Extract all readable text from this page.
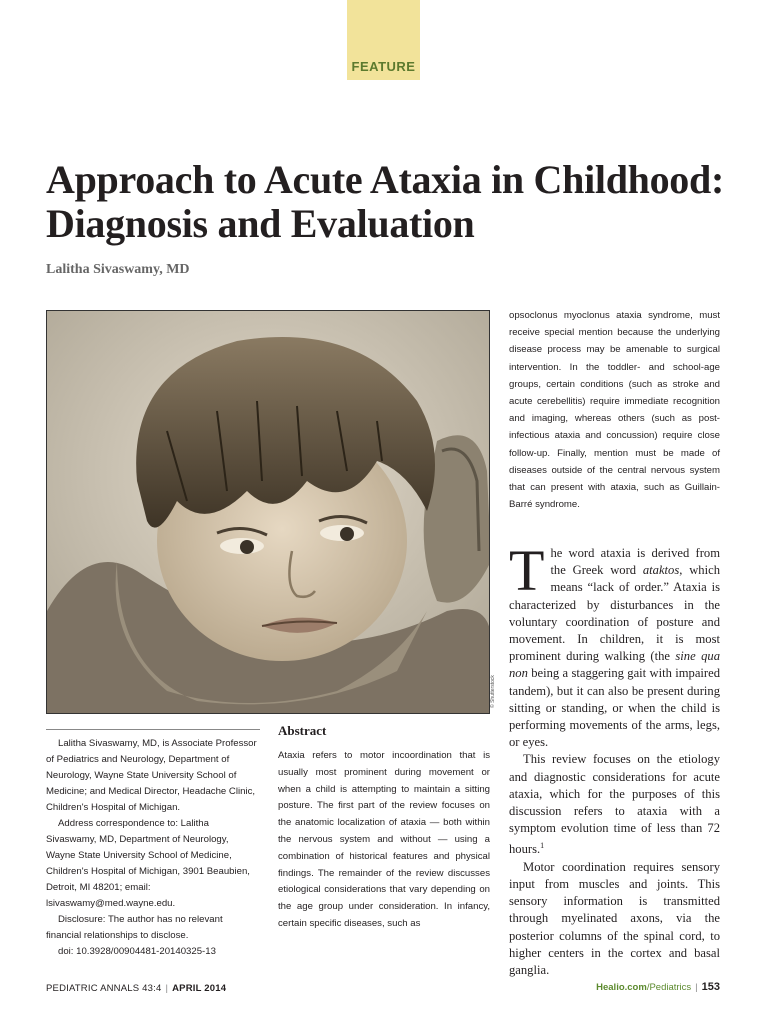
FEATURE
Approach to Acute Ataxia in Childhood: Diagnosis and Evaluation
Lalitha Sivaswamy, MD
© Shutterstock

Lalitha Sivaswamy, MD, is Associate Professor of Pediatrics and Neurology, Department of Neurology, Wayne State University School of Medicine; and Medical Director, Headache Clinic, Children's Hospital of Michigan.

Address correspondence to: Lalitha Sivaswamy, MD, Department of Neurology, Wayne State University School of Medicine, Children's Hospital of Michigan, 3901 Beaubien, Detroit, MI 48201; email: lsivaswamy@med.wayne.edu.

Disclosure: The author has no relevant financial relationships to disclose.

doi: 10.3928/00904481-20140325-13

Abstract

Ataxia refers to motor incoordination that is usually most prominent during movement or when a child is attempting to maintain a sitting posture. The first part of the review focuses on the anatomic localization of ataxia — both within the nervous system and without — using a combination of historical features and physical findings. The remainder of the review discusses etiological considerations that vary depending on the age group under consideration. In infancy, certain specific diseases, such as

opsoclonus myoclonus ataxia syndrome, must receive special mention because the underlying disease process may be amenable to surgical intervention. In the toddler- and school-age groups, certain conditions (such as stroke and acute cerebellitis) require immediate recognition and imaging, whereas others (such as post-infectious ataxia and concussion) require close follow-up. Finally, mention must be made of diseases outside of the central nervous system that can present with ataxia, such as Guillain-Barré syndrome.

The word ataxia is derived from the Greek word ataktos, which means “lack of order.” Ataxia is characterized by disturbances in the voluntary coordination of posture and movement. In children, it is most prominent during walking (the sine qua non being a staggering gait with impaired tandem), but it can also be present during sitting or standing, or when the child is performing movements of the arms, legs, or eyes.

This review focuses on the etiology and diagnostic considerations for acute ataxia, which for the purposes of this discussion refers to ataxia with a symptom evolution time of less than 72 hours.$^1$

Motor coordination requires sensory input from muscles and joints. This sensory information is transmitted through myelinated axons, via the posterior columns of the spinal cord, to higher centers in the cortex and basal ganglia.

PEDIATRIC ANNALS 43:4 | APRIL 2014	Healio.com/Pediatrics | 153
